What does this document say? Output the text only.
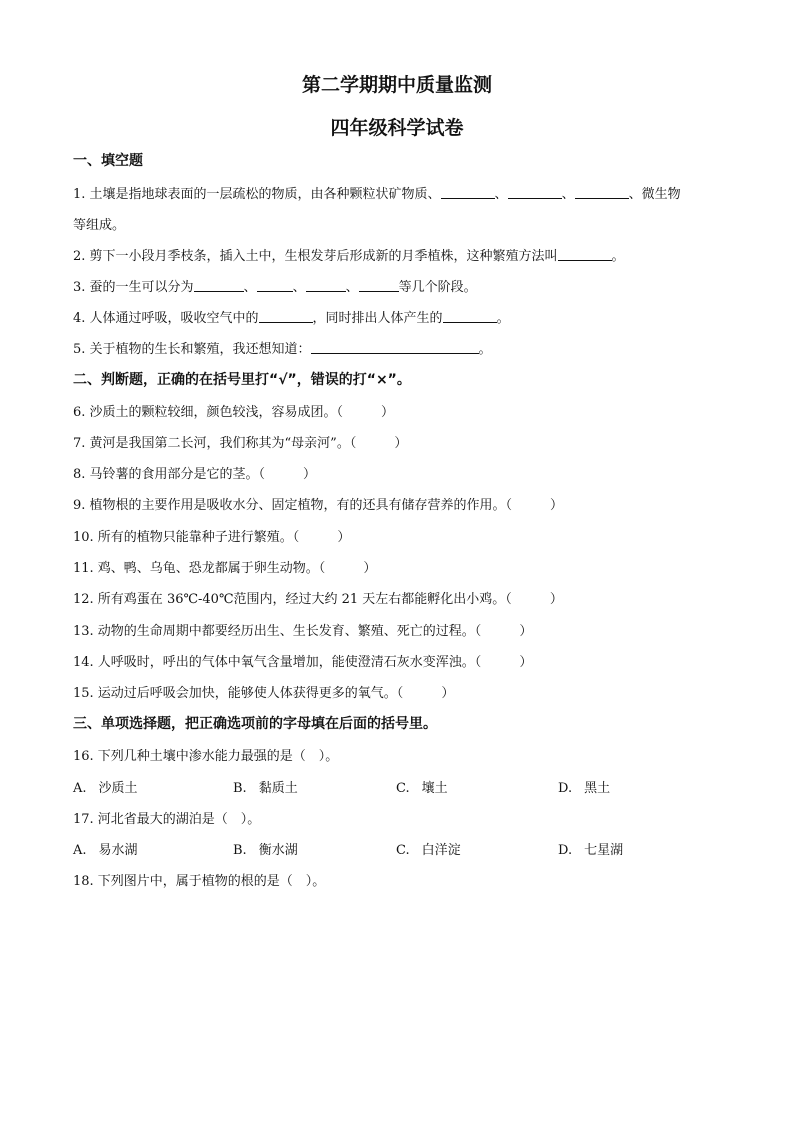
第二学期期中质量监测
四年级科学试卷
一、填空题
1. 土壤是指地球表面的一层疏松的物质，由各种颗粒状矿物质、	、	、	、微生物
等组成。
2. 剪下一小段月季枝条，插入土中，生根发芽后形成新的月季植株，这种繁殖方法叫	。
3. 蚕的一生可以分为	、	、	、	等几个阶段。
4. 人体通过呼吸，吸收空气中的	，同时排出人体产生的	。
5. 关于植物的生长和繁殖，我还想知道：	。
二、判断题，正确的在括号里打“√”，错误的打“×”。
6. 沙质土的颗粒较细，颜色较浅，容易成团。（	）
7. 黄河是我国第二长河，我们称其为“母亲河”。（	）
8. 马铃薯的食用部分是它的茎。（	）
9. 植物根的主要作用是吸收水分、固定植物，有的还具有储存营养的作用。（	）
10. 所有的植物只能靠种子进行繁殖。（	）
11. 鸡、鸭、乌龟、恐龙都属于卵生动物。（	）
12. 所有鸡蛋在 36℃-40℃范围内，经过大约 21 天左右都能孵化出小鸡。（	）
13. 动物的生命周期中都要经历出生、生长发育、繁殖、死亡的过程。（	）
14. 人呼吸时，呼出的气体中氧气含量增加，能使澄清石灰水变浑浊。（	）
15. 运动过后呼吸会加快，能够使人体获得更多的氧气。（	）
三、单项选择题，把正确选项前的字母填在后面的括号里。
16. 下列几种土壤中渗水能力最强的是（　）。
A. 沙质土	B. 黏质土	C. 壤土	D. 黑土
17. 河北省最大的湖泊是（　）。
A. 易水湖	B. 衡水湖	C. 白洋淀	D. 七星湖
18. 下列图片中，属于植物的根的是（　）。
